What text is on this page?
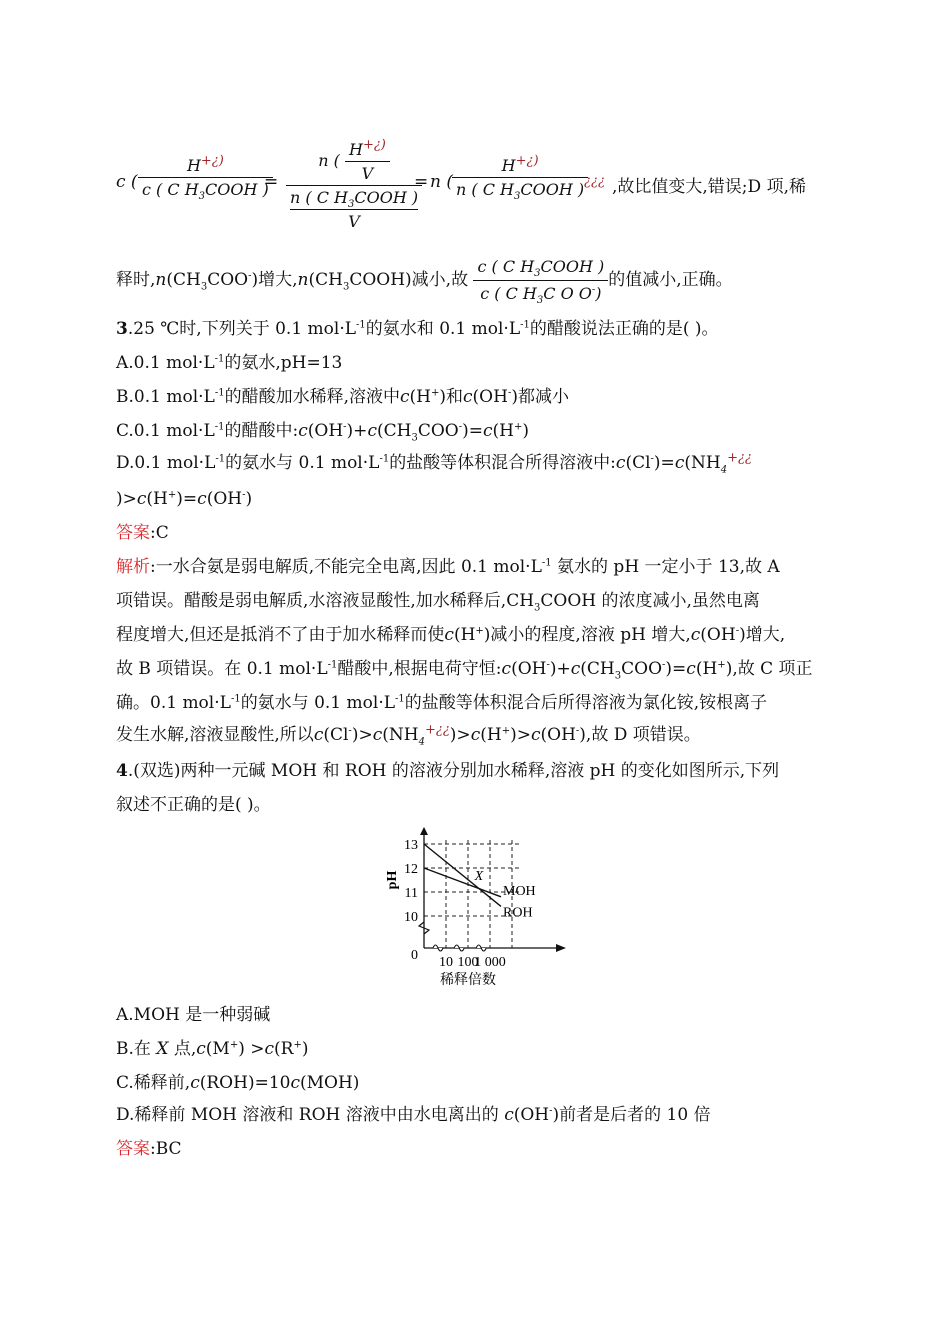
c (
H+¿)
c ( C $H_3COOH$ )
=
n ( $\frac{H^{+¿)}}{V}$
n ( C $H_3COOH$ )
V
= n (
H+¿)
n ( C $H_3COOH$ ) ¿¿¿ ,故比值变大,错误;D 项,稀
释时$,n(CH_3COO^-)$增大$,n(CH_3COOH)$减小,故 $\frac{c ( C H_3COOH )}{c ( C H_3C O O^-)}$ 的值减小,正确。
3.25 ℃时,下列关于 0.1 $mol\cdot L^{-1}$的氨水和 0.1 $mol\cdot L^{-1}$的醋酸说法正确的是( )。
A.0.1 $mol\cdot L^{-1}$的氨水,pH=13
B.0.1 $mol\cdot L^{-1}$的醋酸加水稀释,溶液中c(H+)和c(OH-)都减小
C.0.1 $mol\cdot L^{-1}$的醋酸中$:c(OH^-)+c(CH_3COO^-)=c(H^+)$
D.0.1 $mol\cdot L^{-1}$的氨水与 0.1 $mol\cdot L^{-1}$的盐酸等体积混合所得溶液中$:c(Cl^-)=c(NH_4^{+¿¿}$
)>c(H+)=c(OH-)
答案:C
解析:一水合氨是弱电解质,不能完全电离,因此 0.1 $mol\cdot L^{-1}$ 氨水的 pH 一定小于 13,故 A
项错误。醋酸是弱电解质,水溶液显酸性,加水稀释后$,CH_3COOH$ 的浓度减小,虽然电离
程度增大,但还是抵消不了由于加水稀释而使c(H+)减小的程度,溶液 pH 增大,c(OH-)增大,
故 B 项错误。在 0.1 $mol\cdot L^{-1}$醋酸中,根据电荷守恒$:c(OH^-)+c(CH_3COO^-)=c(H^+)$,故 C 项正
确。0.1 $mol\cdot L^{-1}$的氨水与 0.1 $mol\cdot L^{-1}$的盐酸等体积混合后所得溶液为氯化铵,铵根离子
发生水解,溶液显酸性,所以$c(Cl^-)>c(NH_4^{+¿¿})>c(H^+)>c(OH^-)$,故 D 项错误。
4.(双选)两种一元碱 MOH 和 ROH 的溶液分别加水稀释,溶液 pH 的变化如图所示,下列
叙述不正确的是( )。
13
12
11
10
0 10 100
1 000
pH
稀释倍数
MOH
ROH
X
A.MOH 是一种弱碱
B.在 X 点,c(M+) >c(R+)
C.稀释前,c(ROH)=10c(MOH)
D.稀释前 MOH 溶液和 ROH 溶液中由水电离出的 c(OH-)前者是后者的 10 倍
答案:BC
